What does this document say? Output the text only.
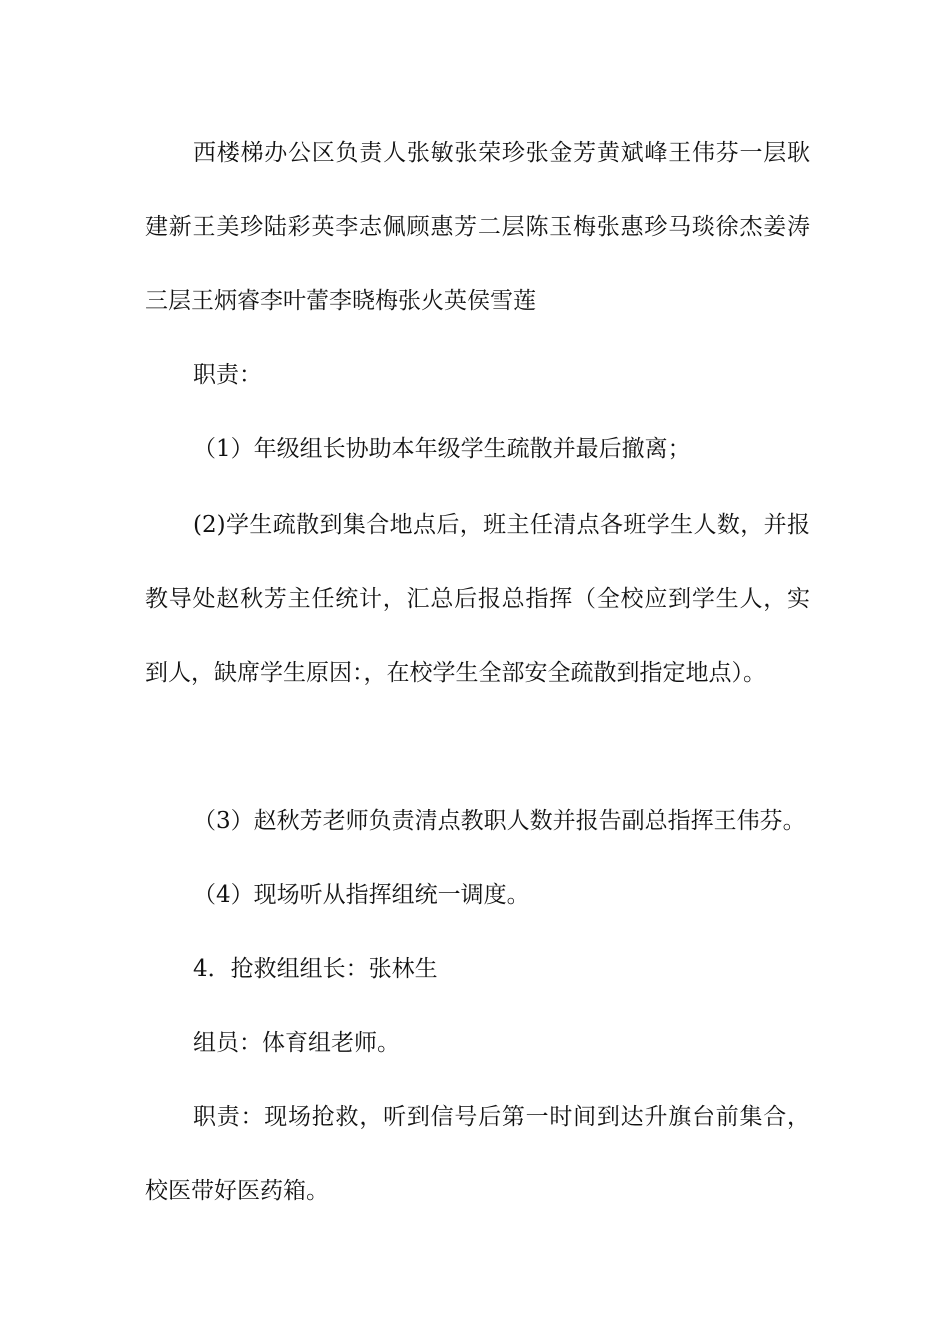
西楼梯办公区负责人张敏张荣珍张金芳黄斌峰王伟芬一层耿建新王美珍陆彩英李志佩顾惠芳二层陈玉梅张惠珍马琰徐杰姜涛三层王炳睿李叶蕾李晓梅张火英侯雪莲

职责：

（1）年级组长协助本年级学生疏散并最后撤离；

(2)学生疏散到集合地点后，班主任清点各班学生人数，并报教导处赵秋芳主任统计，汇总后报总指挥（全校应到学生人，实到人，缺席学生原因：，在校学生全部安全疏散到指定地点）。

（3）赵秋芳老师负责清点教职人数并报告副总指挥王伟芬。

（4）现场听从指挥组统一调度。

4．抢救组组长：张林生

组员：体育组老师。

职责：现场抢救，听到信号后第一时间到达升旗台前集合，校医带好医药箱。
